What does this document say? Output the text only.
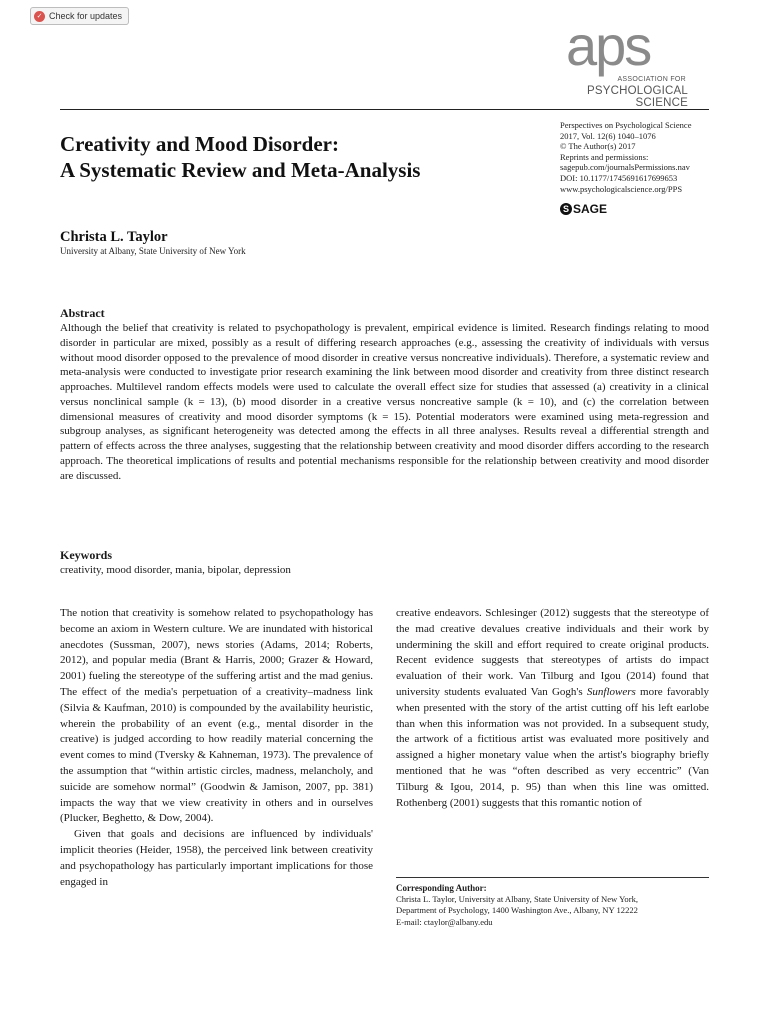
✓ Check for updates	aps
ASSOCIATION FOR
PSYCHOLOGICAL SCIENCE
Creativity and Mood Disorder:
A Systematic Review and Meta-Analysis
Perspectives on Psychological Science
2017, Vol. 12(6) 1040–1076
© The Author(s) 2017
Reprints and permissions:
sagepub.com/journalsPermissions.nav
DOI: 10.1177/1745691617699653
www.psychologicalscience.org/PPS
S SAGE
Christa L. Taylor
University at Albany, State University of New York
Abstract
Although the belief that creativity is related to psychopathology is prevalent, empirical evidence is limited. Research findings relating to mood disorder in particular are mixed, possibly as a result of differing research approaches (e.g., assessing the creativity of individuals with versus without mood disorder opposed to the prevalence of mood disorder in creative versus noncreative individuals). Therefore, a systematic review and meta-analysis were conducted to investigate prior research examining the link between mood disorder and creativity from three distinct research approaches. Multilevel random effects models were used to calculate the overall effect size for studies that assessed (a) creativity in a clinical versus nonclinical sample (k = 13), (b) mood disorder in a creative versus noncreative sample (k = 10), and (c) the correlation between dimensional measures of creativity and mood disorder symptoms (k = 15). Potential moderators were examined using meta-regression and subgroup analyses, as significant heterogeneity was detected among the effects in all three analyses. Results reveal a differential strength and pattern of effects across the three analyses, suggesting that the relationship between creativity and mood disorder differs according to the research approach. The theoretical implications of results and potential mechanisms responsible for the relationship between creativity and mood disorder are discussed.
Keywords
creativity, mood disorder, mania, bipolar, depression

The notion that creativity is somehow related to psychopathology has become an axiom in Western culture. We are inundated with historical anecdotes (Sussman, 2007), news stories (Adams, 2014; Roberts, 2012), and popular media (Brant & Harris, 2000; Grazer & Howard, 2001) fueling the stereotype of the suffering artist and the mad genius. The effect of the media's perpetuation of a creativity–madness link (Silvia & Kaufman, 2010) is compounded by the availability heuristic, wherein the probability of an event (e.g., mental disorder in the creative) is judged according to how readily material concerning the event comes to mind (Tversky & Kahneman, 1973). The prevalence of the assumption that “within artistic circles, madness, melancholy, and suicide are somehow normal” (Goodwin & Jamison, 2007, pp. 381) impacts the way that we view creativity in others and in ourselves (Plucker, Beghetto, & Dow, 2004).

Given that goals and decisions are influenced by individuals' implicit theories (Heider, 1958), the perceived link between creativity and psychopathology has particularly important implications for those engaged in

creative endeavors. Schlesinger (2012) suggests that the stereotype of the mad creative devalues creative individuals and their work by undermining the skill and effort required to create original products. Recent evidence suggests that stereotypes of artists do impact evaluation of their work. Van Tilburg and Igou (2014) found that university students evaluated Van Gogh's Sunflowers more favorably when presented with the story of the artist cutting off his left earlobe than when this information was not provided. In a subsequent study, the artwork of a fictitious artist was evaluated more positively and assigned a higher monetary value when the artist's biography briefly mentioned that he was “often described as very eccentric” (Van Tilburg & Igou, 2014, p. 95) than when this line was omitted. Rothenberg (2001) suggests that this romantic notion of

Corresponding Author:
Christa L. Taylor, University at Albany, State University of New York,
Department of Psychology, 1400 Washington Ave., Albany, NY 12222
E-mail: ctaylor@albany.edu
